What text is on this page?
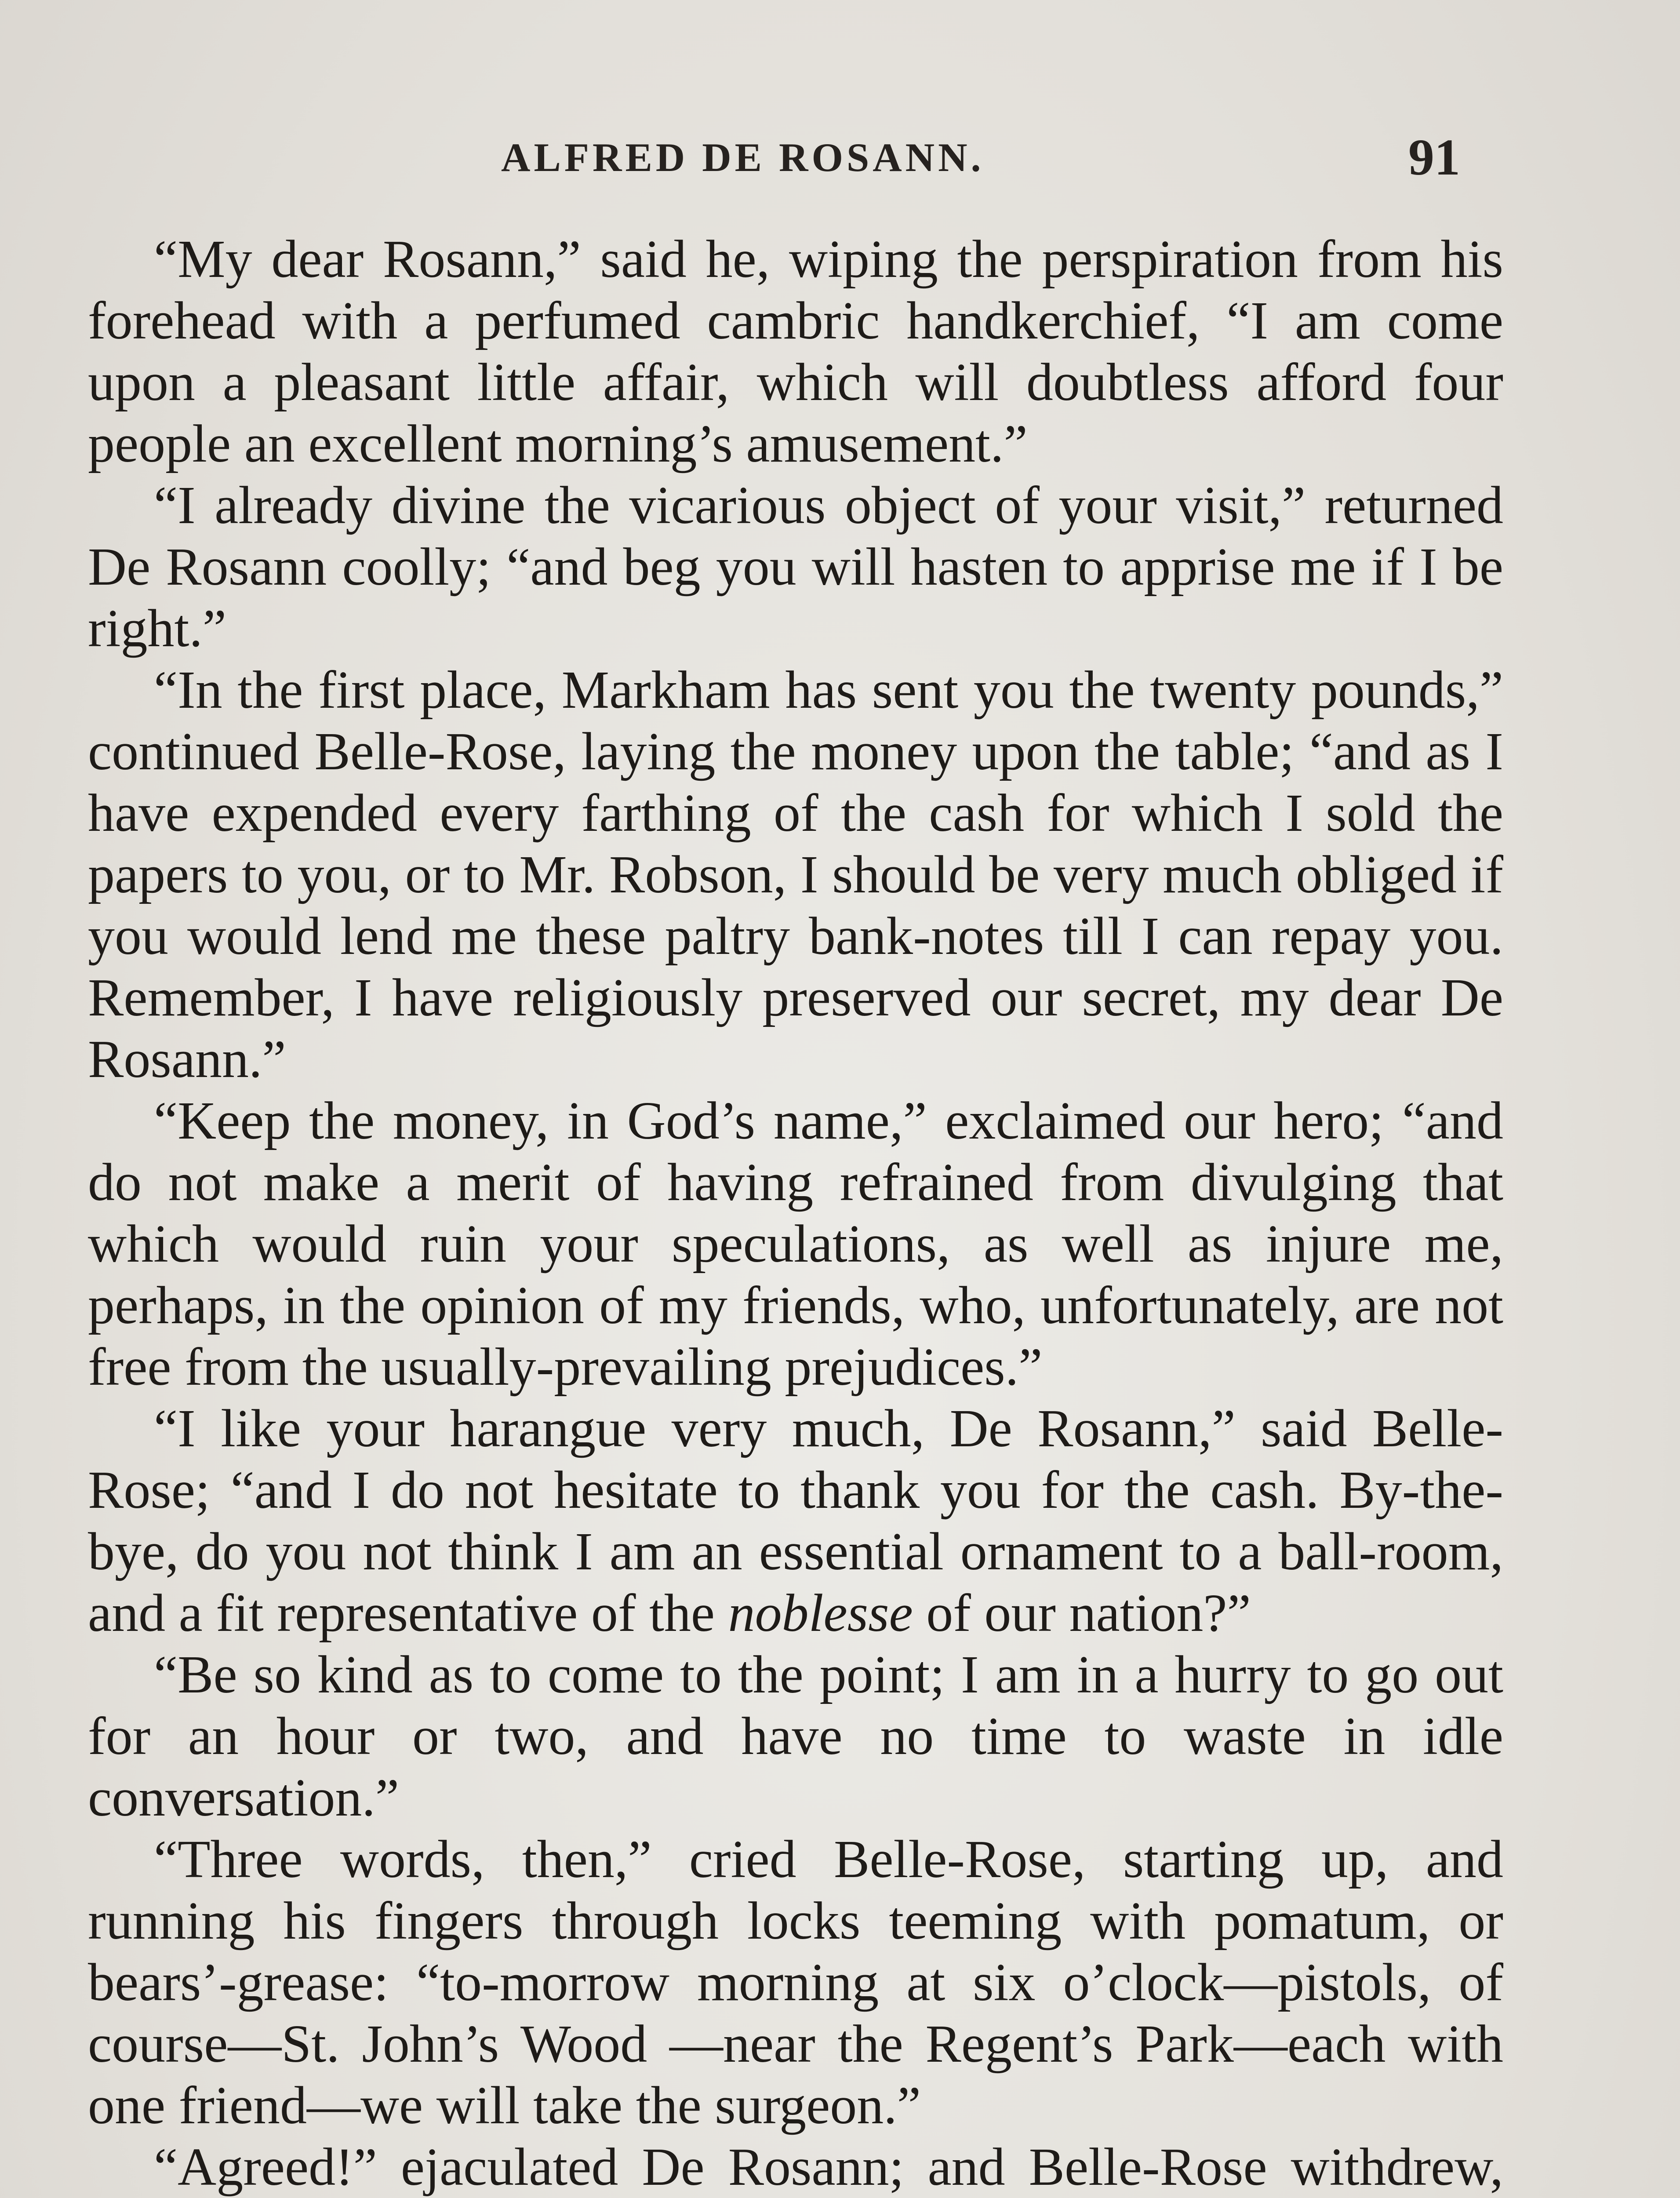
ALFRED DE ROSANN.	91

“My dear Rosann,” said he, wiping the perspiration from his forehead with a perfumed cambric handkerchief, “I am come upon a pleasant little affair, which will doubtless afford four people an excellent morning’s amusement.”

“I already divine the vicarious object of your visit,” returned De Rosann coolly; “and beg you will hasten to apprise me if I be right.”

“In the first place, Markham has sent you the twenty pounds,” continued Belle-Rose, laying the money upon the table; “and as I have expended every farthing of the cash for which I sold the papers to you, or to Mr. Robson, I should be very much obliged if you would lend me these paltry bank-notes till I can repay you. Remember, I have religiously preserved our secret, my dear De Rosann.”

“Keep the money, in God’s name,” exclaimed our hero; “and do not make a merit of having refrained from divulging that which would ruin your speculations, as well as injure me, perhaps, in the opinion of my friends, who, unfortunately, are not free from the usually-prevailing prejudices.”

“I like your harangue very much, De Rosann,” said Belle-Rose; “and I do not hesitate to thank you for the cash. By-the-bye, do you not think I am an essential ornament to a ball-room, and a fit representative of the noblesse of our nation?”

“Be so kind as to come to the point; I am in a hurry to go out for an hour or two, and have no time to waste in idle conversation.”

“Three words, then,” cried Belle-Rose, starting up, and running his fingers through locks teeming with pomatum, or bears’-grease: “to-morrow morning at six o’clock—pistols, of course—St. John’s Wood —near the Regent’s Park—each with one friend—we will take the surgeon.”

“Agreed!” ejaculated De Rosann; and Belle-Rose withdrew,
